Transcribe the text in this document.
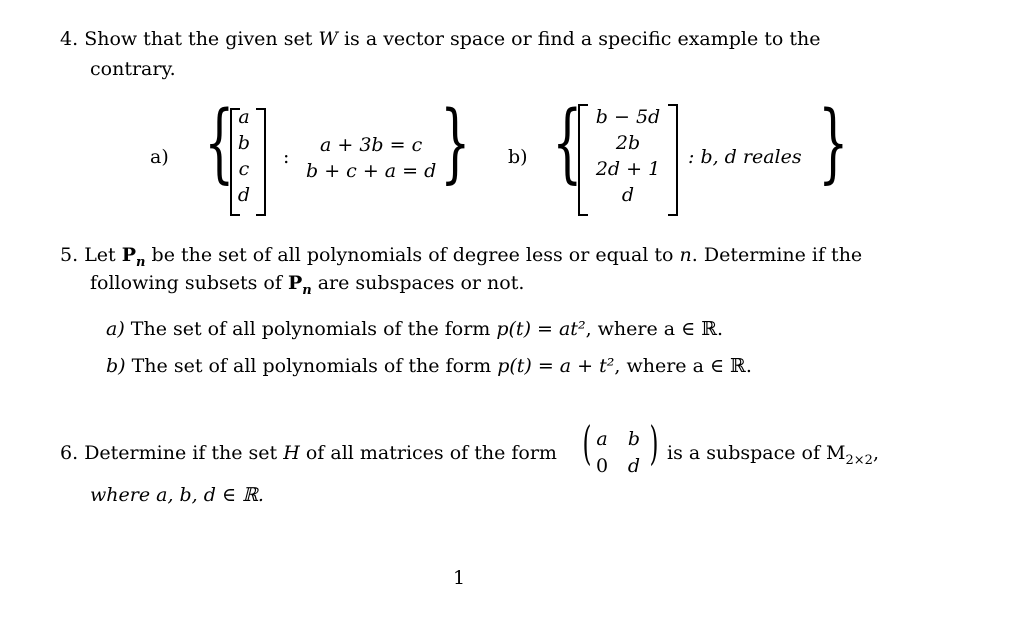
4. Show that the given set W is a vector space or find a specific example to the
contrary.
a) { a
b
c
d
:
a + 3b = c
b + c + a = d }	b) { b − 5d
2b
2d + 1
d
: b, d reales }
5. Let $P_n$ be the set of all polynomials of degree less or equal to n. Determine if the
following subsets of $P_n$ are subspaces or not.
a) The set of all polynomials of the form p(t) = at², where a ∈ ℝ.
b) The set of all polynomials of the form p(t) = a + t², where a ∈ ℝ.
6. Determine if the set H of all matrices of the form ( a	b
0	d ) is a subspace of $M_{2\times 2}$,
where a, b, d ∈ ℝ.
1
